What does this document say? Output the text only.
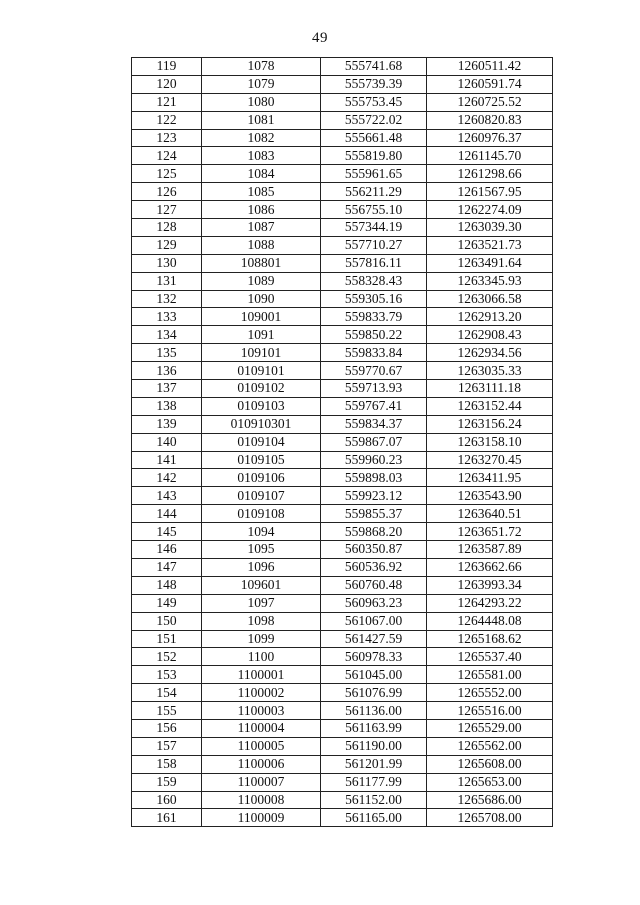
49
119	1078	555741.68	1260511.42
120	1079	555739.39	1260591.74
121	1080	555753.45	1260725.52
122	1081	555722.02	1260820.83
123	1082	555661.48	1260976.37
124	1083	555819.80	1261145.70
125	1084	555961.65	1261298.66
126	1085	556211.29	1261567.95
127	1086	556755.10	1262274.09
128	1087	557344.19	1263039.30
129	1088	557710.27	1263521.73
130	108801	557816.11	1263491.64
131	1089	558328.43	1263345.93
132	1090	559305.16	1263066.58
133	109001	559833.79	1262913.20
134	1091	559850.22	1262908.43
135	109101	559833.84	1262934.56
136	0109101	559770.67	1263035.33
137	0109102	559713.93	1263111.18
138	0109103	559767.41	1263152.44
139	010910301	559834.37	1263156.24
140	0109104	559867.07	1263158.10
141	0109105	559960.23	1263270.45
142	0109106	559898.03	1263411.95
143	0109107	559923.12	1263543.90
144	0109108	559855.37	1263640.51
145	1094	559868.20	1263651.72
146	1095	560350.87	1263587.89
147	1096	560536.92	1263662.66
148	109601	560760.48	1263993.34
149	1097	560963.23	1264293.22
150	1098	561067.00	1264448.08
151	1099	561427.59	1265168.62
152	1100	560978.33	1265537.40
153	1100001	561045.00	1265581.00
154	1100002	561076.99	1265552.00
155	1100003	561136.00	1265516.00
156	1100004	561163.99	1265529.00
157	1100005	561190.00	1265562.00
158	1100006	561201.99	1265608.00
159	1100007	561177.99	1265653.00
160	1100008	561152.00	1265686.00
161	1100009	561165.00	1265708.00
